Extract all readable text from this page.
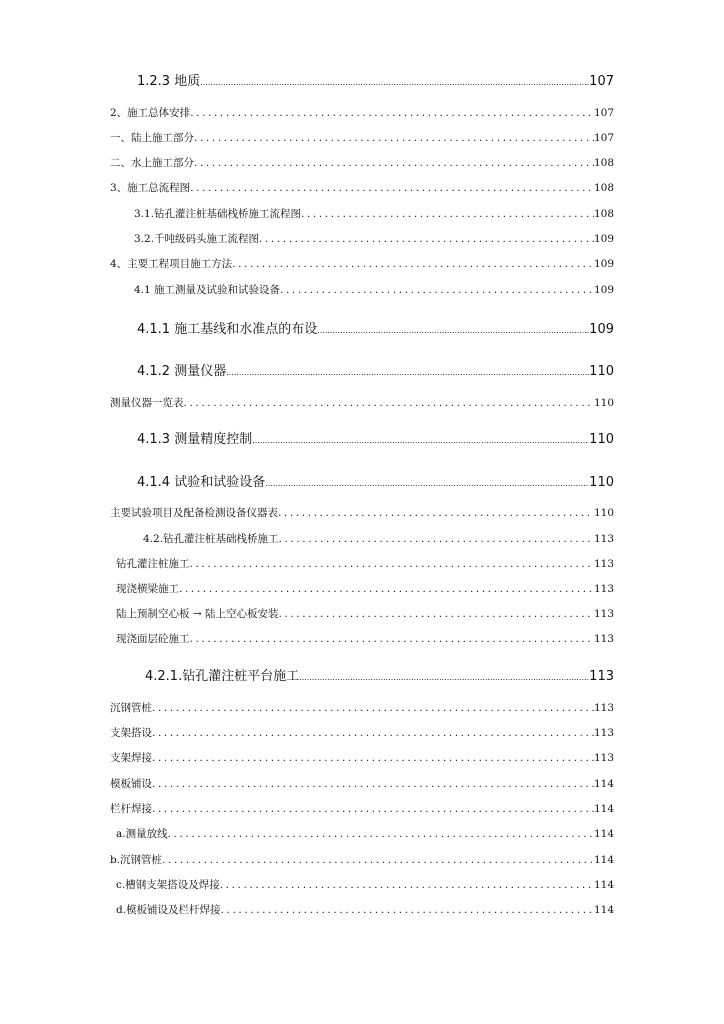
1.2.3 地质 .....	107
2、施工总体安排 .....	107
一、陆上施工部分 .....	107
二、水上施工部分 .....	108
3、施工总流程图 .....	108
3.1.钻孔灌注桩基础栈桥施工流程图 .....	108
3.2.千吨级码头施工流程图 .....	109
4、主要工程项目施工方法 .....	109
4.1 施工测量及试验和试验设备 .....	109
4.1.1 施工基线和水准点的布设 .....	109
4.1.2 测量仪器 .....	110
测量仪器一览表 .....	110
4.1.3 测量精度控制 .....	110
4.1.4 试验和试验设备 .....	110
主要试验项目及配备检测设备仪器表 .....	110
4.2.钻孔灌注桩基础栈桥施工 .....	113
钻孔灌注桩施工 .....	113
现浇横梁施工 .....	113
陆上预制空心板 → 陆上空心板安装 .....	113
现浇面层砼施工 .....	113
4.2.1.钻孔灌注桩平台施工 .....	113
沉钢管桩 .....	113
支架搭设 .....	113
支架焊接 .....	113
模板铺设 .....	114
栏杆焊接 .....	114
a.测量放线 .....	114
b.沉钢管桩 .....	114
c.槽钢支架搭设及焊接 .....	114
d.模板铺设及栏杆焊接 .....	114
